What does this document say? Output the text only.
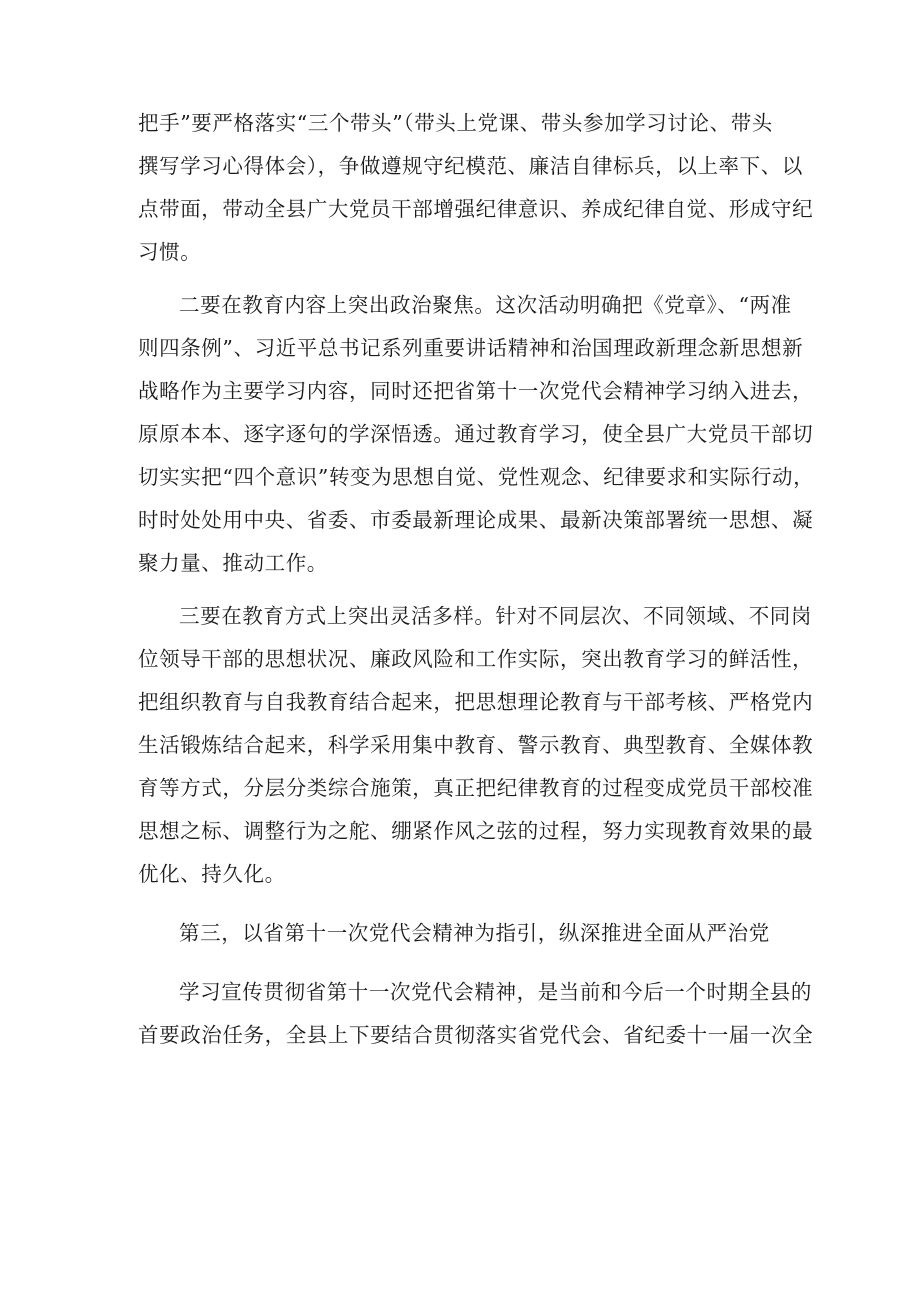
把手”要严格落实“三个带头”（带头上党课、带头参加学习讨论、带头
撰写学习心得体会），争做遵规守纪模范、廉洁自律标兵，以上率下、以
点带面，带动全县广大党员干部增强纪律意识、养成纪律自觉、形成守纪
习惯。
二要在教育内容上突出政治聚焦。这次活动明确把《党章》、“两准
则四条例”、习近平总书记系列重要讲话精神和治国理政新理念新思想新
战略作为主要学习内容，同时还把省第十一次党代会精神学习纳入进去，
原原本本、逐字逐句的学深悟透。通过教育学习，使全县广大党员干部切
切实实把“四个意识”转变为思想自觉、党性观念、纪律要求和实际行动，
时时处处用中央、省委、市委最新理论成果、最新决策部署统一思想、凝
聚力量、推动工作。
三要在教育方式上突出灵活多样。针对不同层次、不同领域、不同岗
位领导干部的思想状况、廉政风险和工作实际，突出教育学习的鲜活性，
把组织教育与自我教育结合起来，把思想理论教育与干部考核、严格党内
生活锻炼结合起来，科学采用集中教育、警示教育、典型教育、全媒体教
育等方式，分层分类综合施策，真正把纪律教育的过程变成党员干部校准
思想之标、调整行为之舵、绷紧作风之弦的过程，努力实现教育效果的最
优化、持久化。
第三，以省第十一次党代会精神为指引，纵深推进全面从严治党
学习宣传贯彻省第十一次党代会精神，是当前和今后一个时期全县的
首要政治任务，全县上下要结合贯彻落实省党代会、省纪委十一届一次全
